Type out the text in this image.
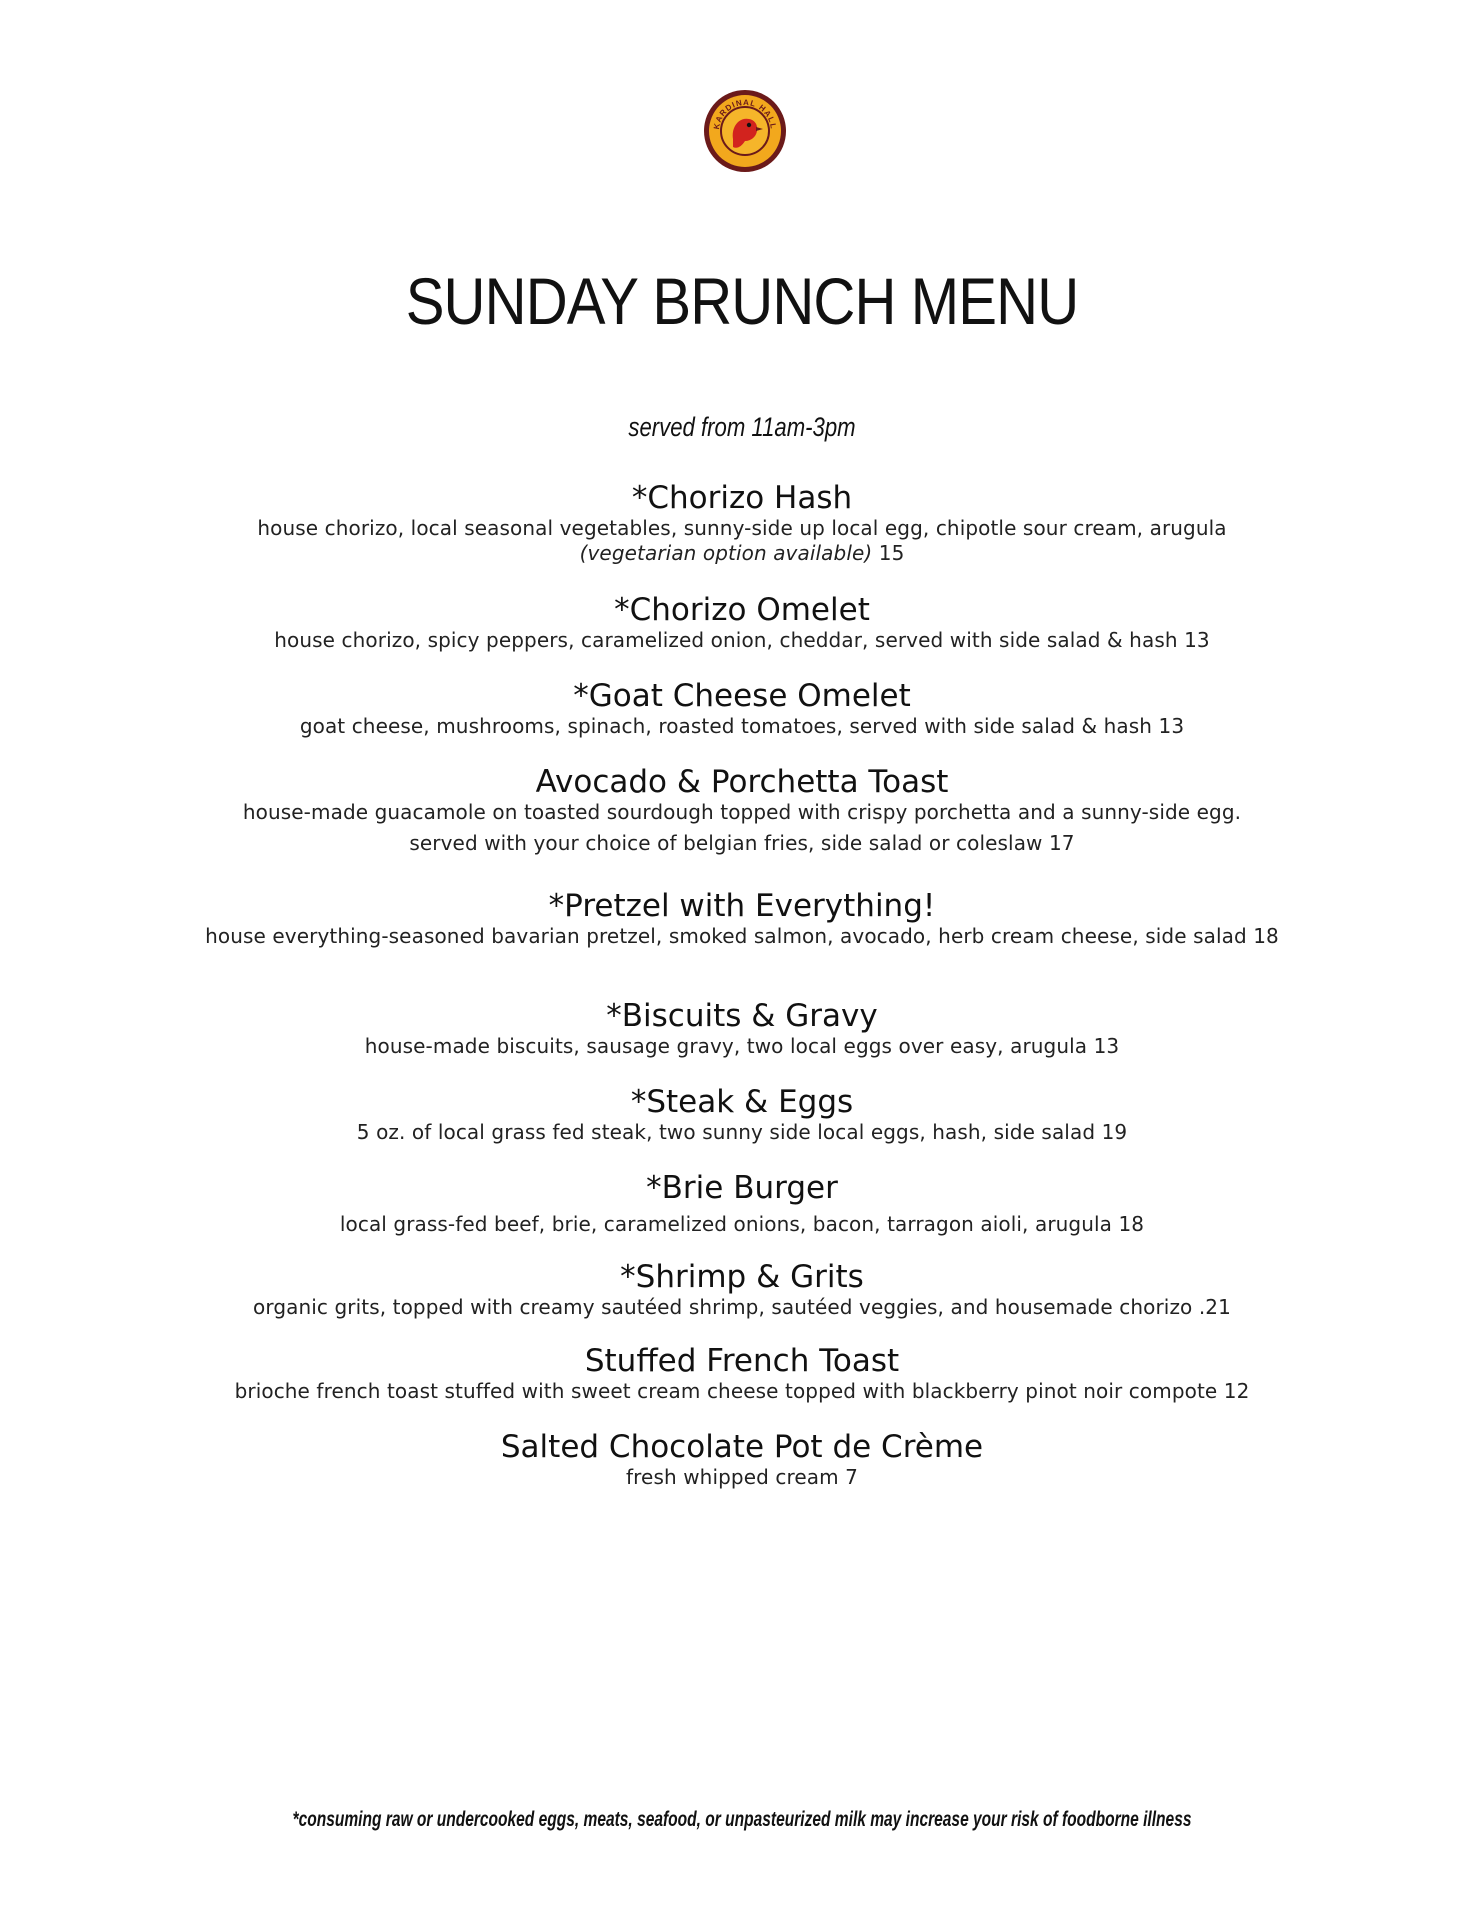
KARDINAL HALL
SUNDAY BRUNCH MENU
served from 11am-3pm
*Chorizo Hash
house chorizo, local seasonal vegetables, sunny-side up local egg, chipotle sour cream, arugula
(vegetarian option available) 15
*Chorizo Omelet
house chorizo, spicy peppers, caramelized onion, cheddar, served with side salad & hash 13
*Goat Cheese Omelet
goat cheese, mushrooms, spinach, roasted tomatoes, served with side salad & hash 13
Avocado & Porchetta Toast
house-made guacamole on toasted sourdough topped with crispy porchetta and a sunny-side egg.
served with your choice of belgian fries, side salad or coleslaw 17
*Pretzel with Everything!
house everything-seasoned bavarian pretzel, smoked salmon, avocado, herb cream cheese, side salad 18
*Biscuits & Gravy
house-made biscuits, sausage gravy, two local eggs over easy, arugula 13
*Steak & Eggs
5 oz. of local grass fed steak, two sunny side local eggs, hash, side salad 19
*Brie Burger
local grass-fed beef, brie, caramelized onions, bacon, tarragon aioli, arugula 18
*Shrimp & Grits
organic grits, topped with creamy sautéed shrimp, sautéed veggies, and housemade chorizo .21
Stuffed French Toast
brioche french toast stuffed with sweet cream cheese topped with blackberry pinot noir compote 12
Salted Chocolate Pot de Crème
fresh whipped cream 7
*consuming raw or undercooked eggs, meats, seafood, or unpasteurized milk may increase your risk of foodborne illness
